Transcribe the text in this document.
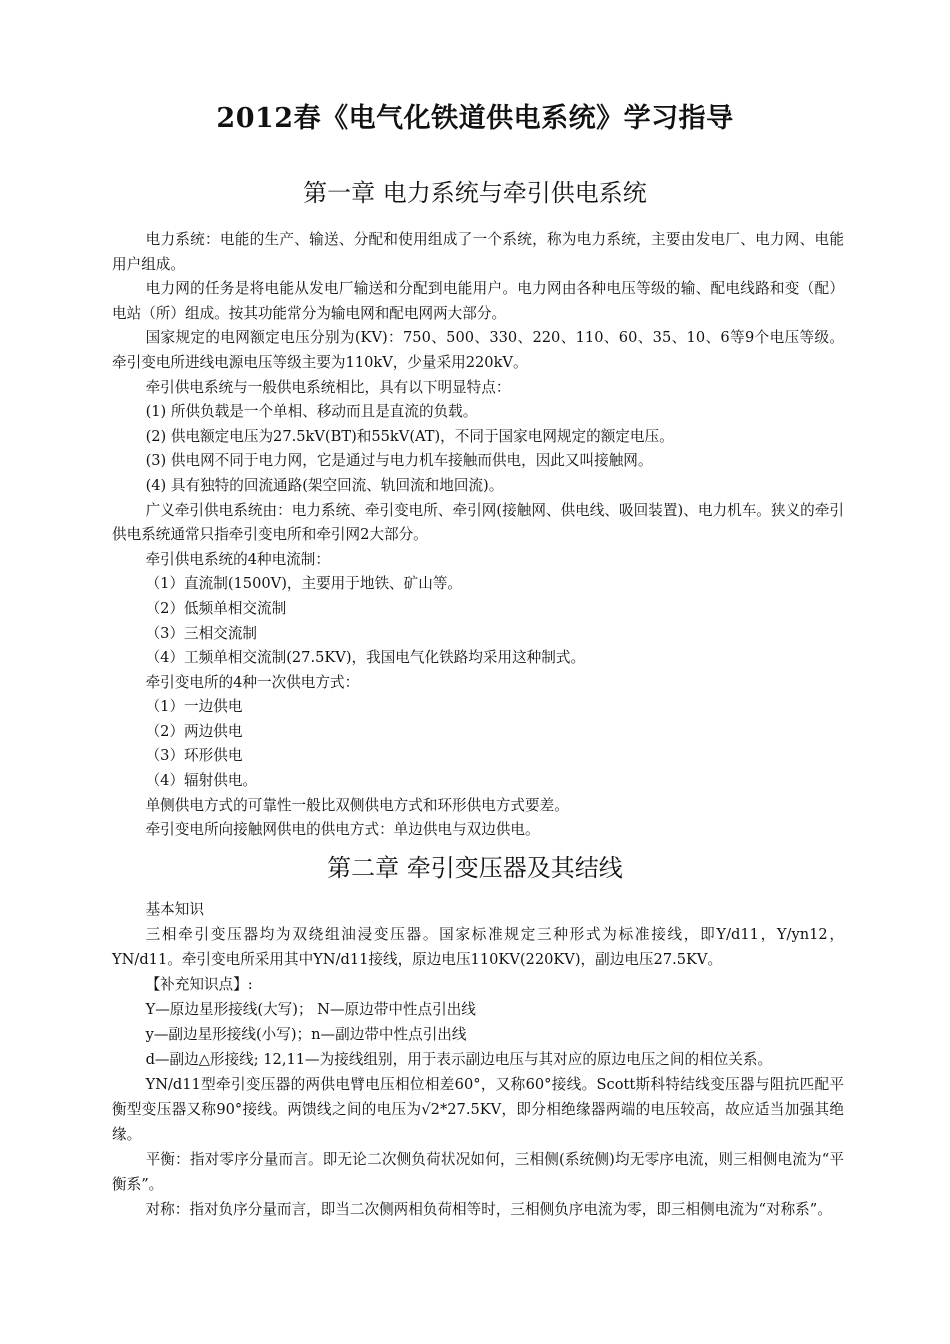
2012春《电气化铁道供电系统》学习指导
第一章 电力系统与牵引供电系统

电力系统：电能的生产、输送、分配和使用组成了一个系统，称为电力系统，主要由发电厂、电力网、电能用户组成。

电力网的任务是将电能从发电厂输送和分配到电能用户。电力网由各种电压等级的输、配电线路和变（配）电站（所）组成。按其功能常分为输电网和配电网两大部分。

国家规定的电网额定电压分别为(KV)：750、500、330、220、110、60、35、10、6等9个电压等级。牵引变电所进线电源电压等级主要为110kV，少量采用220kV。

牵引供电系统与一般供电系统相比，具有以下明显特点：

(1) 所供负载是一个单相、移动而且是直流的负载。

(2) 供电额定电压为27.5kV(BT)和55kV(AT)，不同于国家电网规定的额定电压。

(3) 供电网不同于电力网，它是通过与电力机车接触而供电，因此又叫接触网。

(4) 具有独特的回流通路(架空回流、轨回流和地回流)。

广义牵引供电系统由：电力系统、牵引变电所、牵引网(接触网、供电线、吸回装置)、电力机车。狭义的牵引供电系统通常只指牵引变电所和牵引网2大部分。

牵引供电系统的4种电流制：

（1）直流制(1500V)，主要用于地铁、矿山等。

（2）低频单相交流制

（3）三相交流制

（4）工频单相交流制(27.5KV)，我国电气化铁路均采用这种制式。

牵引变电所的4种一次供电方式：

（1）一边供电

（2）两边供电

（3）环形供电

（4）辐射供电。

单侧供电方式的可靠性一般比双侧供电方式和环形供电方式要差。

牵引变电所向接触网供电的供电方式：单边供电与双边供电。

第二章 牵引变压器及其结线

基本知识

三相牵引变压器均为双绕组油浸变压器。国家标准规定三种形式为标准接线，即Y/d11，Y/yn12，YN/d11。牵引变电所采用其中YN/d11接线，原边电压110KV(220KV)，副边电压27.5KV。

【补充知识点】:

Y—原边星形接线(大写)； N—原边带中性点引出线

y—副边星形接线(小写)；n—副边带中性点引出线

d—副边△形接线; 12,11—为接线组别，用于表示副边电压与其对应的原边电压之间的相位关系。

YN/d11型牵引变压器的两供电臂电压相位相差60°，又称60°接线。Scott斯科特结线变压器与阻抗匹配平衡型变压器又称90°接线。两馈线之间的电压为√2*27.5KV，即分相绝缘器两端的电压较高，故应适当加强其绝缘。

平衡：指对零序分量而言。即无论二次侧负荷状况如何，三相侧(系统侧)均无零序电流，则三相侧电流为“平衡系”。

对称：指对负序分量而言，即当二次侧两相负荷相等时，三相侧负序电流为零，即三相侧电流为“对称系”。
